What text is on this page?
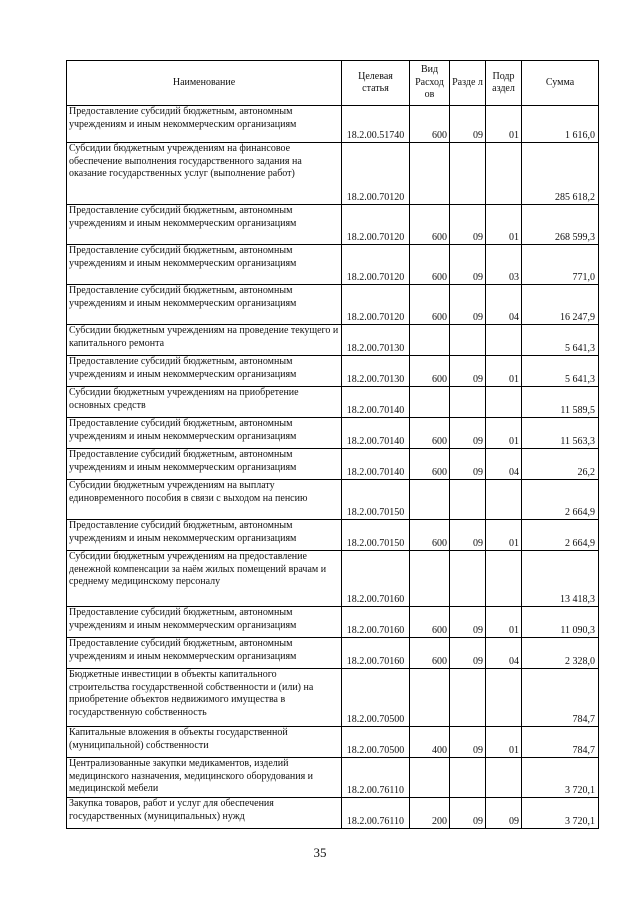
Наименование	Целевая статья	Вид Расход ов	Разде л	Подр аздел	Сумма
Предоставление субсидий бюджетным, автономным учреждениям и иным некоммерческим организациям	18.2.00.51740	600	09	01	1 616,0
Субсидии бюджетным учреждениям на финансовое обеспечение выполнения государственного задания на оказание государственных услуг (выполнение работ)	18.2.00.70120				285 618,2
Предоставление субсидий бюджетным, автономным учреждениям и иным некоммерческим организациям	18.2.00.70120	600	09	01	268 599,3
Предоставление субсидий бюджетным, автономным учреждениям и иным некоммерческим организациям	18.2.00.70120	600	09	03	771,0
Предоставление субсидий бюджетным, автономным учреждениям и иным некоммерческим организациям	18.2.00.70120	600	09	04	16 247,9
Субсидии бюджетным учреждениям на проведение текущего и капитального ремонта	18.2.00.70130				5 641,3
Предоставление субсидий бюджетным, автономным учреждениям и иным некоммерческим организациям	18.2.00.70130	600	09	01	5 641,3
Субсидии бюджетным учреждениям на приобретение основных средств	18.2.00.70140				11 589,5
Предоставление субсидий бюджетным, автономным учреждениям и иным некоммерческим организациям	18.2.00.70140	600	09	01	11 563,3
Предоставление субсидий бюджетным, автономным учреждениям и иным некоммерческим организациям	18.2.00.70140	600	09	04	26,2
Субсидии бюджетным учреждениям на выплату единовременного пособия в связи с выходом на пенсию	18.2.00.70150				2 664,9
Предоставление субсидий бюджетным, автономным учреждениям и иным некоммерческим организациям	18.2.00.70150	600	09	01	2 664,9
Субсидии бюджетным учреждениям на предоставление денежной компенсации за наём жилых помещений врачам и среднему медицинскому персоналу	18.2.00.70160				13 418,3
Предоставление субсидий бюджетным, автономным учреждениям и иным некоммерческим организациям	18.2.00.70160	600	09	01	11 090,3
Предоставление субсидий бюджетным, автономным учреждениям и иным некоммерческим организациям	18.2.00.70160	600	09	04	2 328,0
Бюджетные инвестиции в объекты капитального строительства государственной собственности и (или) на приобретение объектов недвижимого имущества в государственную собственность	18.2.00.70500				784,7
Капитальные вложения в объекты государственной (муниципальной) собственности	18.2.00.70500	400	09	01	784,7
Централизованные закупки медикаментов, изделий медицинского назначения, медицинского оборудования и медицинской мебели	18.2.00.76110				3 720,1
Закупка товаров, работ и услуг для обеспечения государственных (муниципальных) нужд	18.2.00.76110	200	09	09	3 720,1
35
